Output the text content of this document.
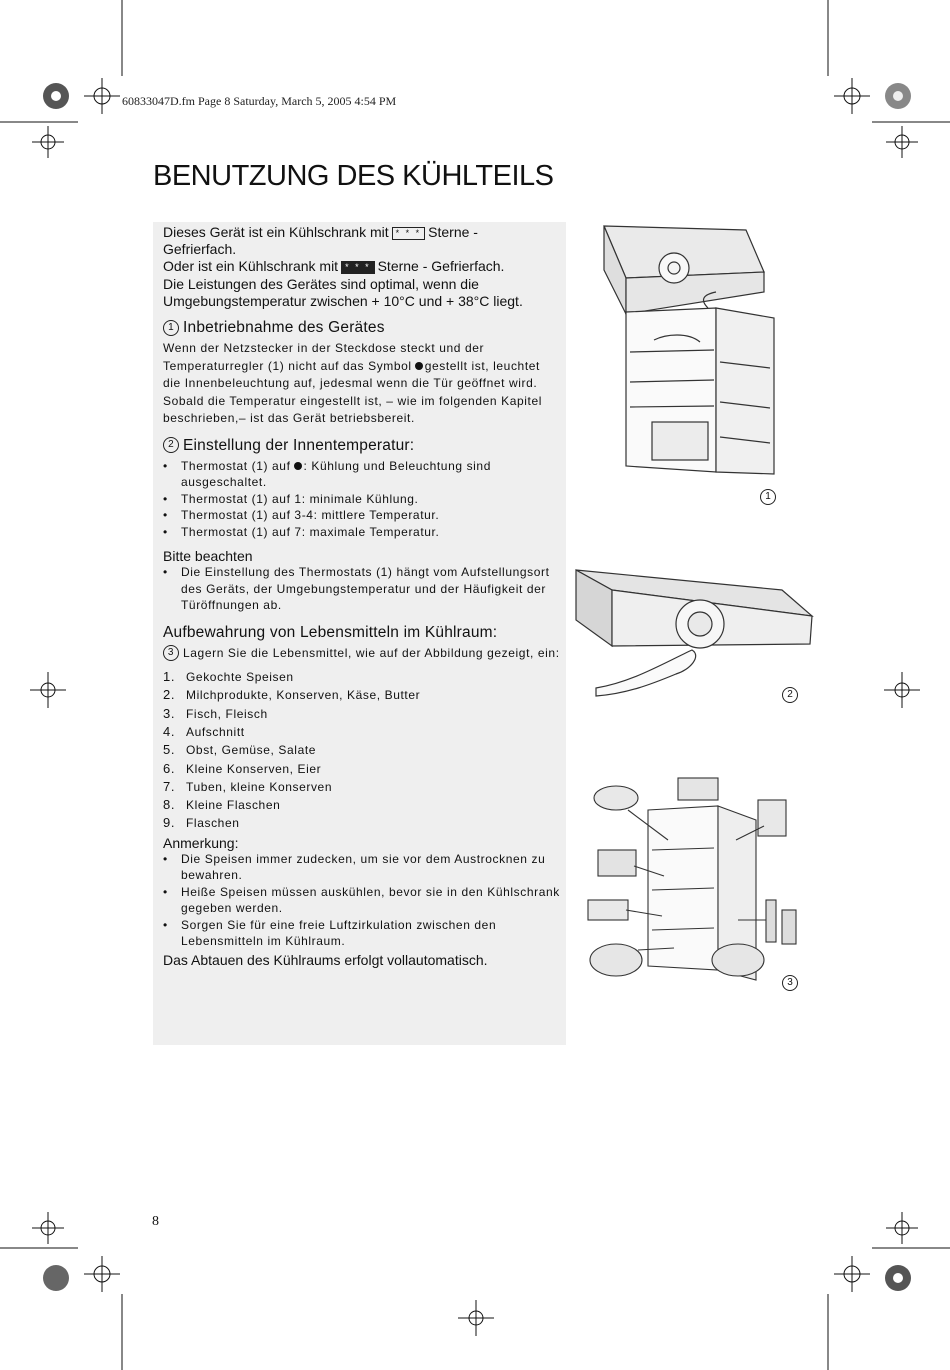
60833047D.fm Page 8 Saturday, March 5, 2005 4:54 PM
BENUTZUNG DES KÜHLTEILS

Dieses Gerät ist ein Kühlschrank mit * * * Sterne -
Gefrierfach.
Oder ist ein Kühlschrank mit * * * Sterne - Gefrierfach.
Die Leistungen des Gerätes sind optimal, wenn die
Umgebungstemperatur zwischen + 10°C und + 38°C liegt.

1 Inbetriebnahme des Gerätes

Wenn der Netzstecker in der Steckdose steckt und der
Temperaturregler (1) nicht auf das Symbol gestellt ist, leuchtet
die Innenbeleuchtung auf, jedesmal wenn die Tür geöffnet wird.
Sobald die Temperatur eingestellt ist, – wie im folgenden Kapitel
beschrieben,– ist das Gerät betriebsbereit.

2 Einstellung der Innentemperatur:
• Thermostat (1) auf : Kühlung und Beleuchtung sind
ausgeschaltet.
• Thermostat (1) auf 1: minimale Kühlung.
• Thermostat (1) auf 3-4: mittlere Temperatur.
• Thermostat (1) auf 7: maximale Temperatur.
Bitte beachten
• Die Einstellung des Thermostats (1) hängt vom Aufstellungsort
des Geräts, der Umgebungstemperatur und der Häufigkeit der
Türöffnungen ab.
Aufbewahrung von Lebensmitteln im Kühlraum:
3 Lagern Sie die Lebensmittel, wie auf der Abbildung gezeigt, ein:
1. Gekochte Speisen
2. Milchprodukte, Konserven, Käse, Butter
3. Fisch, Fleisch
4. Aufschnitt
5. Obst, Gemüse, Salate
6. Kleine Konserven, Eier
7. Tuben, kleine Konserven
8. Kleine Flaschen
9. Flaschen
Anmerkung:
• Die Speisen immer zudecken, um sie vor dem Austrocknen zu
bewahren.
• Heiße Speisen müssen auskühlen, bevor sie in den Kühlschrank
gegeben werden.
• Sorgen Sie für eine freie Luftzirkulation zwischen den
Lebensmitteln im Kühlraum.
Das Abtauen des Kühlraums erfolgt vollautomatisch.
1
2
3
8
